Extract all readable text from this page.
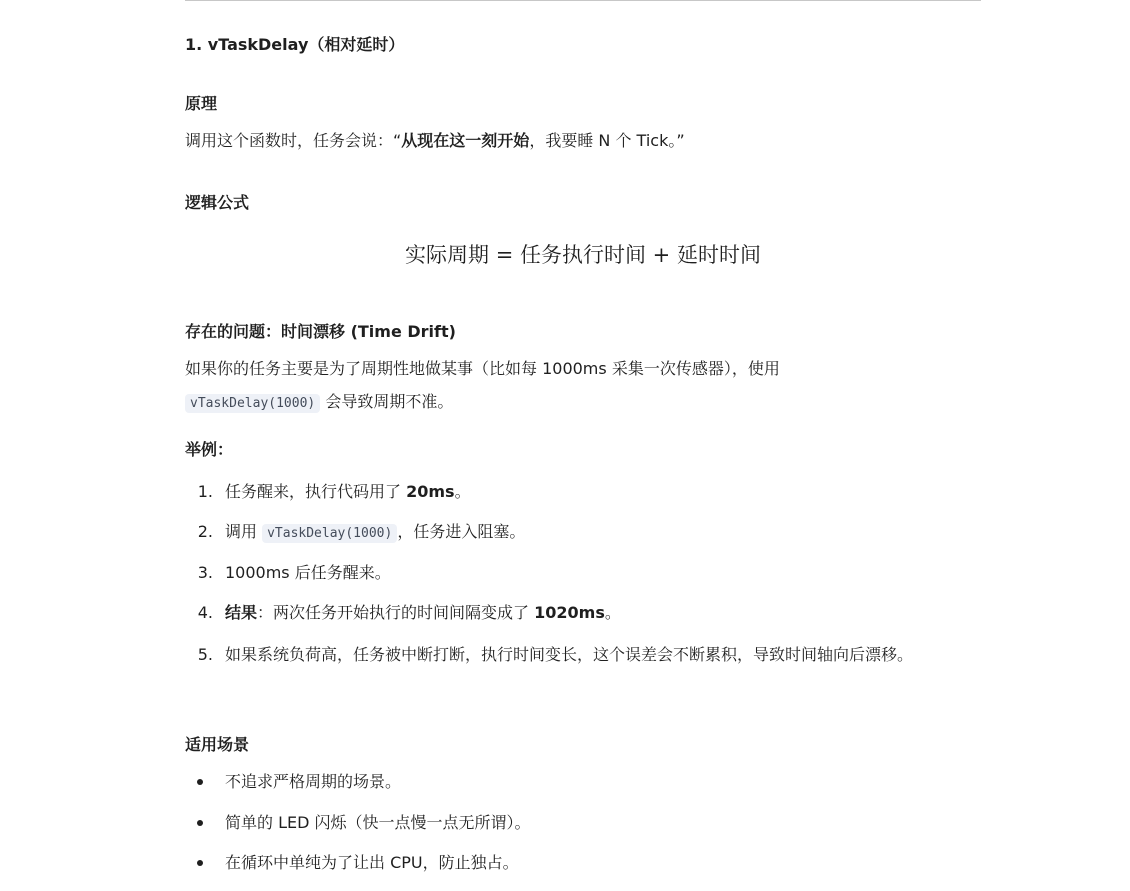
1. vTaskDelay（相对延时）
原理
调用这个函数时，任务会说：“从现在这一刻开始，我要睡 N 个 Tick。”
逻辑公式
实际周期 = 任务执行时间 + 延时时间
存在的问题：时间漂移 (Time Drift)
如果你的任务主要是为了周期性地做某事（比如每 1000ms 采集一次传感器），使用
vTaskDelay(1000) 会导致周期不准。
举例：
1. 任务醒来，执行代码用了 20ms。
2. 调用 vTaskDelay(1000) ，任务进入阻塞。
3. 1000ms 后任务醒来。
4. 结果：两次任务开始执行的时间间隔变成了 1020ms。
5. 如果系统负荷高，任务被中断打断，执行时间变长，这个误差会不断累积，导致时间轴向后漂移。
适用场景
不追求严格周期的场景。
简单的 LED 闪烁（快一点慢一点无所谓）。
在循环中单纯为了让出 CPU，防止独占。
